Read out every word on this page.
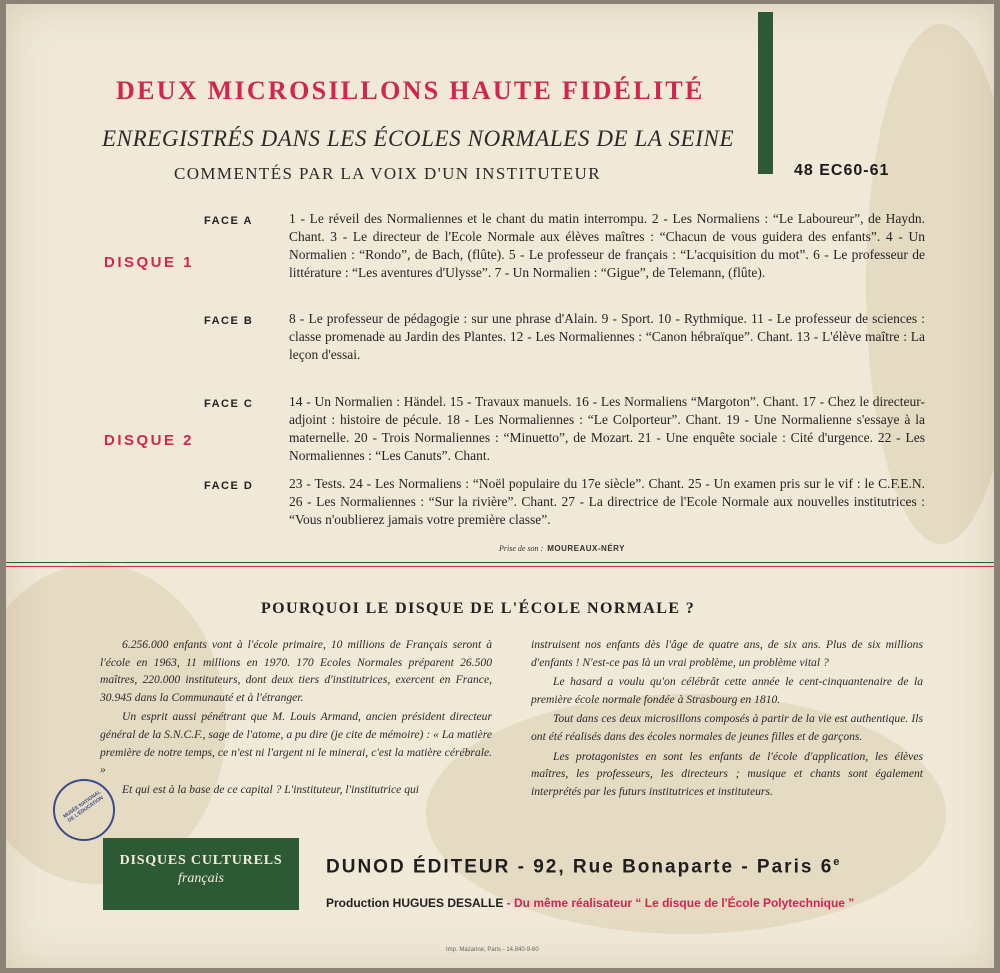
DEUX MICROSILLONS HAUTE FIDÉLITÉ
ENREGISTRÉS DANS LES ÉCOLES NORMALES DE LA SEINE
COMMENTÉS PAR LA VOIX D'UN INSTITUTEUR	48 EC60-61
FACE A
FACE B
FACE C
FACE D
DISQUE 1
DISQUE 2
1 - Le réveil des Normaliennes et le chant du matin interrompu. 2 - Les Normaliens : “Le Laboureur”, de Haydn. Chant. 3 - Le directeur de l'Ecole Normale aux élèves maîtres : “Chacun de vous guidera des enfants”. 4 - Un Normalien : “Rondo”, de Bach, (flûte). 5 - Le professeur de français : “L'acquisition du mot”. 6 - Le professeur de littérature : “Les aventures d'Ulysse”. 7 - Un Normalien : “Gigue”, de Telemann, (flûte).
8 - Le professeur de pédagogie : sur une phrase d'Alain. 9 - Sport. 10 - Rythmique. 11 - Le professeur de sciences : classe promenade au Jardin des Plantes. 12 - Les Normaliennes : “Canon hébraïque”. Chant. 13 - L'élève maître : La leçon d'essai.
14 - Un Normalien : Händel. 15 - Travaux manuels. 16 - Les Normaliens “Margoton”. Chant. 17 - Chez le directeur-adjoint : histoire de pécule. 18 - Les Normaliennes : “Le Colporteur”. Chant. 19 - Une Normalienne s'essaye à la maternelle. 20 - Trois Normaliennes : “Minuetto”, de Mozart. 21 - Une enquête sociale : Cité d'urgence. 22 - Les Normaliennes : “Les Canuts”. Chant.
23 - Tests. 24 - Les Normaliens : “Noël populaire du 17e siècle”. Chant. 25 - Un examen pris sur le vif : le C.F.E.N. 26 - Les Normaliennes : “Sur la rivière”. Chant. 27 - La directrice de l'Ecole Normale aux nouvelles institutrices : “Vous n'oublierez jamais votre première classe”.
Prise de son : MOUREAUX-NÉRY
POURQUOI LE DISQUE DE L'ÉCOLE NORMALE ?

6.256.000 enfants vont à l'école primaire, 10 millions de Français seront à l'école en 1963, 11 millions en 1970. 170 Ecoles Normales préparent 26.500 maîtres, 220.000 instituteurs, dont deux tiers d'institutrices, exercent en France, 30.945 dans la Communauté et à l'étranger.

Un esprit aussi pénétrant que M. Louis Armand, ancien président directeur général de la S.N.C.F., sage de l'atome, a pu dire (je cite de mémoire) : « La matière première de notre temps, ce n'est ni l'argent ni le minerai, c'est la matière cérébrale. »

Et qui est à la base de ce capital ? L'instituteur, l'institutrice qui

instruisent nos enfants dès l'âge de quatre ans, de six ans. Plus de six millions d'enfants ! N'est-ce pas là un vrai problème, un problème vital ?

Le hasard a voulu qu'on célébrât cette année le cent-cinquantenaire de la première école normale fondée à Strasbourg en 1810.

Tout dans ces deux microsillons composés à partir de la vie est authentique. Ils ont été réalisés dans des écoles normales de jeunes filles et de garçons.

Les protagonistes en sont les enfants de l'école d'application, les élèves maîtres, les professeurs, les directeurs ; musique et chants sont également interprétés par les futurs institutrices et instituteurs.

MUSÉE NATIONAL DE L'ÉDUCATION
DISQUES CULTURELS
français
DUNOD ÉDITEUR - 92, Rue Bonaparte - Paris 6e
Production HUGUES DESALLE - Du même réalisateur “ Le disque de l'École Polytechnique ”
Imp. Mazarine, Paris - 14.840-9-60
